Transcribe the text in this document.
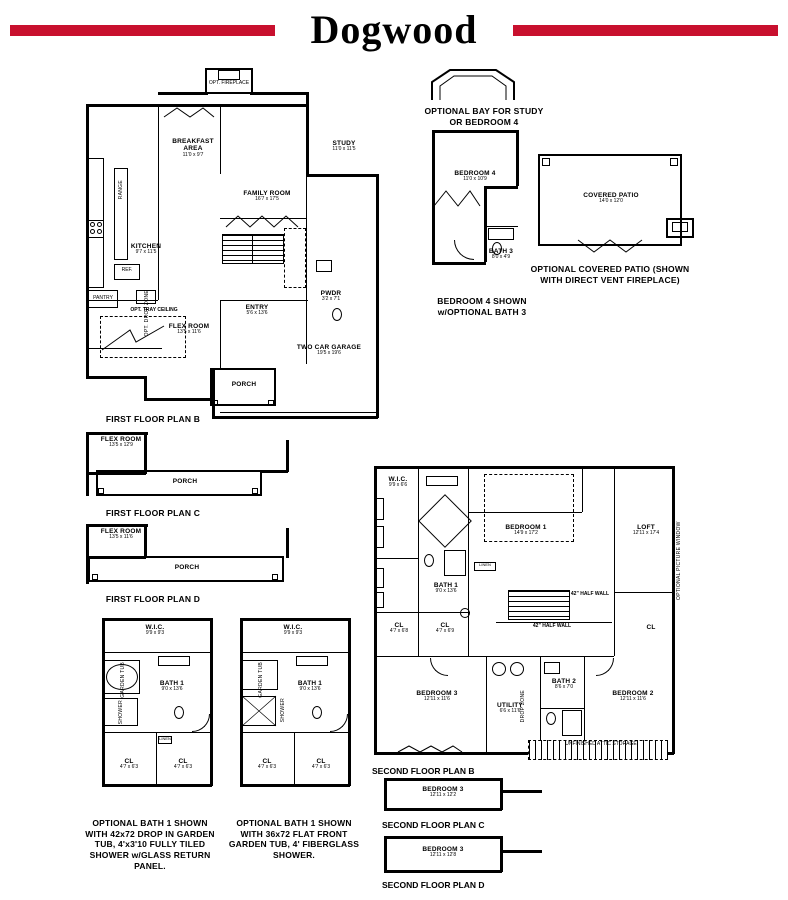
Dogwood
OPT. FIREPLACE
PORCH
BREAKFAST AREA
11'0 x 9'7
FAMILY ROOM
16'7 x 17'5
STUDY
11'0 x 11'5
KITCHEN
9'7 x 11'5
RANGE
REF.
PANTRY	OPT. DROP ZONE	PWDR
3'2 x 7'1
ENTRY
5'6 x 13'6
FLEX ROOM
13'5 x 11'6
OPT. TRAY CEILING
TWO CAR GARAGE
19'5 x 19'6
FIRST FLOOR PLAN B
FLEX ROOM
13'5 x 12'9
PORCH
FIRST FLOOR PLAN C
FLEX ROOM
13'5 x 11'6
PORCH
FIRST FLOOR PLAN D
OPTIONAL BAY FOR STUDY OR BEDROOM 4
BEDROOM 4
11'0 x 10'9
BATH 3
8'0 x 4'9
BEDROOM 4 SHOWN w/OPTIONAL BATH 3
COVERED PATIO
14'0 x 12'0
OPTIONAL COVERED PATIO (SHOWN WITH DIRECT VENT FIREPLACE)
W.I.C.
9'9 x 6'6
BATH 1
9'0 x 13'6
CL
4'7 x 6'8
CL
4'7 x 6'9
CL
BEDROOM 1
14'9 x 17'2
LINEN
LOFT
12'11 x 17'4	OPTIONAL PICTURE WINDOW
42" HALF WALL
42" HALF WALL
BEDROOM 3
12'11 x 11'6
BEDROOM 2
12'11 x 11'6
BATH 2
8'6 x 7'0
UTILITY
6'6 x 11'6 DROP ZONE
UNFINISHED ATTIC STORAGE
SECOND FLOOR PLAN B
BEDROOM 3
12'11 x 12'2
SECOND FLOOR PLAN C
BEDROOM 3
12'11 x 12'8
SECOND FLOOR PLAN D
W.I.C.
9'9 x 9'3
BATH 1
9'0 x 13'6
GARDEN TUB
SHOWER
LINEN
CL
4'7 x 6'3
CL
4'7 x 6'3
OPTIONAL BATH 1 SHOWN WITH 42x72 DROP IN GARDEN TUB, 4'x3'10 FULLY TILED SHOWER w/GLASS RETURN PANEL.
W.I.C.
9'9 x 9'3
BATH 1
9'0 x 13'6
GARDEN TUB
SHOWER
CL
4'7 x 6'3
CL
4'7 x 6'3
OPTIONAL BATH 1 SHOWN WITH 36x72 FLAT FRONT GARDEN TUB, 4' FIBERGLASS SHOWER.
